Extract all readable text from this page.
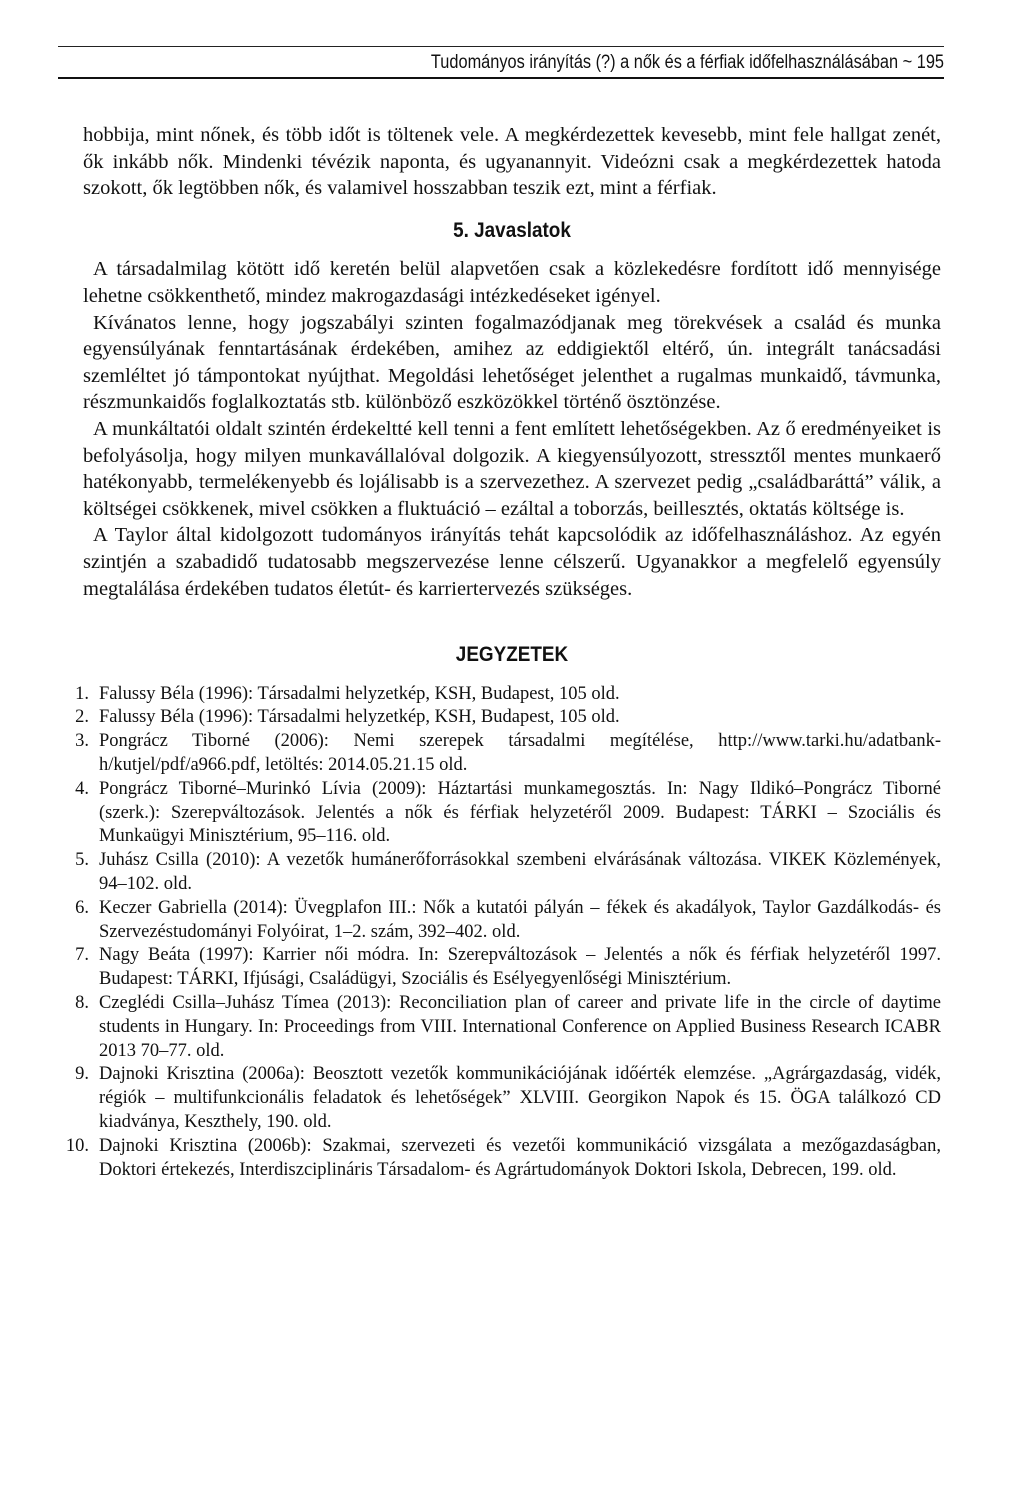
Tudományos irányítás (?) a nők és a férfiak időfelhasználásában ~ 195

hobbija, mint nőnek, és több időt is töltenek vele. A megkérdezettek kevesebb, mint fele hallgat zenét, ők inkább nők. Mindenki tévézik naponta, és ugyanannyit. Videózni csak a megkérdezettek hatoda szokott, ők legtöbben nők, és valamivel hosszabban teszik ezt, mint a férfiak.

5. Javaslatok

A társadalmilag kötött idő keretén belül alapvetően csak a közlekedésre fordított idő mennyisége lehetne csökkenthető, mindez makrogazdasági intézkedéseket igényel.

Kívánatos lenne, hogy jogszabályi szinten fogalmazódjanak meg törekvések a család és munka egyensúlyának fenntartásának érdekében, amihez az eddigiektől eltérő, ún. integrált tanácsadási szemléltet jó támpontokat nyújthat. Megoldási lehetőséget jelenthet a rugalmas munkaidő, távmunka, részmunkaidős foglalkoztatás stb. különböző eszközökkel történő ösztönzése.

A munkáltatói oldalt szintén érdekeltté kell tenni a fent említett lehetőségekben. Az ő eredményeiket is befolyásolja, hogy milyen munkavállalóval dolgozik. A kiegyensúlyozott, stressztől mentes munkaerő hatékonyabb, termelékenyebb és lojálisabb is a szervezethez. A szervezet pedig „családbaráttá” válik, a költségei csökkenek, mivel csökken a fluktuáció – ezáltal a toborzás, beillesztés, oktatás költsége is.

A Taylor által kidolgozott tudományos irányítás tehát kapcsolódik az időfelhasználáshoz. Az egyén szintjén a szabadidő tudatosabb megszervezése lenne célszerű. Ugyanakkor a megfelelő egyensúly megtalálása érdekében tudatos életút- és karriertervezés szükséges.

JEGYZETEK
1. Falussy Béla (1996): Társadalmi helyzetkép, KSH, Budapest, 105 old.
2. Falussy Béla (1996): Társadalmi helyzetkép, KSH, Budapest, 105 old.
3. Pongrácz Tiborné (2006): Nemi szerepek társadalmi megítélése, http://www.tarki.hu/adatbank-h/kutjel/pdf/a966.pdf, letöltés: 2014.05.21.15 old.
4. Pongrácz Tiborné–Murinkó Lívia (2009): Háztartási munkamegosztás. In: Nagy Ildikó–Pongrácz Tiborné (szerk.): Szerepváltozások. Jelentés a nők és férfiak helyzetéről 2009. Budapest: TÁRKI – Szociális és Munkaügyi Minisztérium, 95–116. old.
5. Juhász Csilla (2010): A vezetők humánerőforrásokkal szembeni elvárásának változása. VIKEK Közlemények, 94–102. old.
6. Keczer Gabriella (2014): Üvegplafon III.: Nők a kutatói pályán – fékek és akadályok, Taylor Gazdálkodás- és Szervezéstudományi Folyóirat, 1–2. szám, 392–402. old.
7. Nagy Beáta (1997): Karrier női módra. In: Szerepváltozások – Jelentés a nők és férfiak helyzetéről 1997. Budapest: TÁRKI, Ifjúsági, Családügyi, Szociális és Esélyegyenlőségi Minisztérium.
8. Czeglédi Csilla–Juhász Tímea (2013): Reconciliation plan of career and private life in the circle of daytime students in Hungary. In: Proceedings from VIII. International Conference on Applied Business Research ICABR 2013 70–77. old.
9. Dajnoki Krisztina (2006a): Beosztott vezetők kommunikációjának időérték elemzése. „Agrárgazdaság, vidék, régiók – multifunkcionális feladatok és lehetőségek” XLVIII. Georgikon Napok és 15. ÖGA találkozó CD kiadványa, Keszthely, 190. old.
10. Dajnoki Krisztina (2006b): Szakmai, szervezeti és vezetői kommunikáció vizsgálata a mezőgazdaságban, Doktori értekezés, Interdiszciplináris Társadalom- és Agrártudományok Doktori Iskola, Debrecen, 199. old.
